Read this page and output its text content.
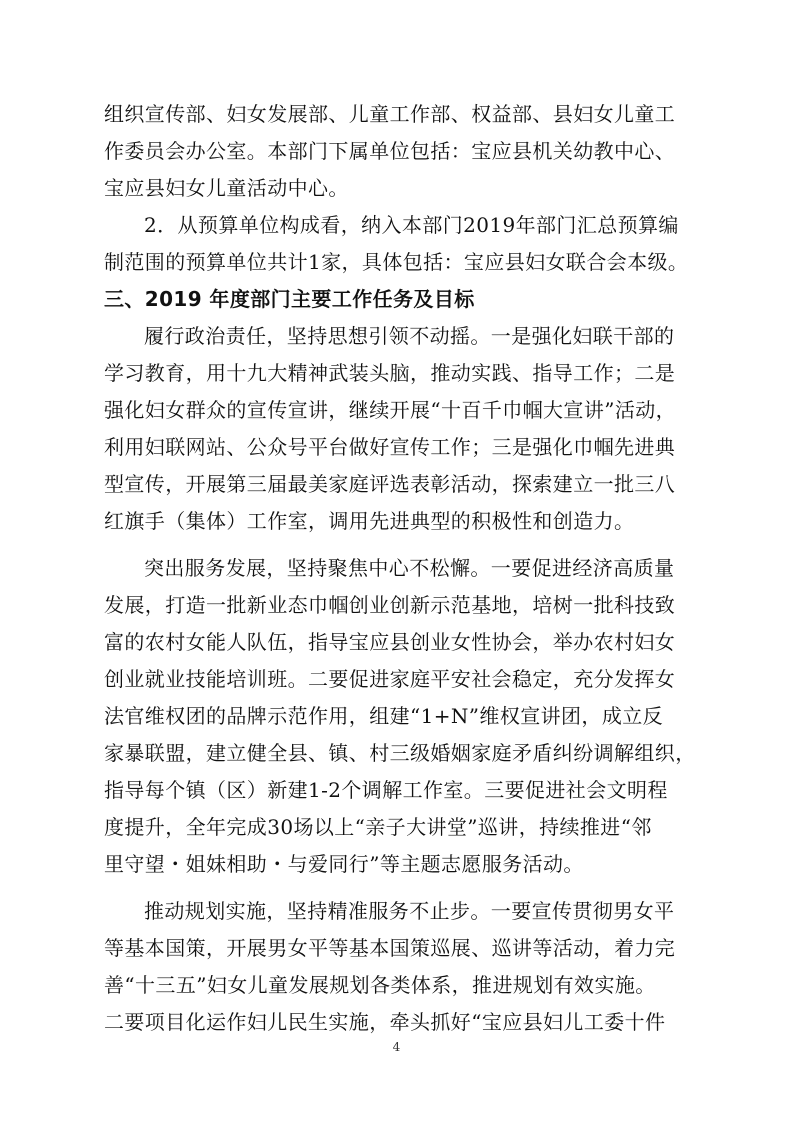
组织宣传部、妇女发展部、儿童工作部、权益部、县妇女儿童工
作委员会办公室。本部门下属单位包括：宝应县机关幼教中心、
宝应县妇女儿童活动中心。
2．从预算单位构成看，纳入本部门2019年部门汇总预算编
制范围的预算单位共计1家，具体包括：宝应县妇女联合会本级。
三、2019 年度部门主要工作任务及目标
履行政治责任，坚持思想引领不动摇。一是强化妇联干部的
学习教育，用十九大精神武装头脑，推动实践、指导工作；二是
强化妇女群众的宣传宣讲，继续开展“十百千巾帼大宣讲”活动，
利用妇联网站、公众号平台做好宣传工作；三是强化巾帼先进典
型宣传，开展第三届最美家庭评选表彰活动，探索建立一批三八
红旗手（集体）工作室，调用先进典型的积极性和创造力。
突出服务发展，坚持聚焦中心不松懈。一要促进经济高质量
发展，打造一批新业态巾帼创业创新示范基地，培树一批科技致
富的农村女能人队伍，指导宝应县创业女性协会，举办农村妇女
创业就业技能培训班。二要促进家庭平安社会稳定，充分发挥女
法官维权团的品牌示范作用，组建“1+N”维权宣讲团，成立反
家暴联盟，建立健全县、镇、村三级婚姻家庭矛盾纠纷调解组织，
指导每个镇（区）新建1-2个调解工作室。三要促进社会文明程
度提升，全年完成30场以上“亲子大讲堂”巡讲，持续推进“邻
里守望・姐妹相助・与爱同行”等主题志愿服务活动。
推动规划实施，坚持精准服务不止步。一要宣传贯彻男女平
等基本国策，开展男女平等基本国策巡展、巡讲等活动，着力完
善“十三五”妇女儿童发展规划各类体系，推进规划有效实施。
二要项目化运作妇儿民生实施，牵头抓好“宝应县妇儿工委十件
4
